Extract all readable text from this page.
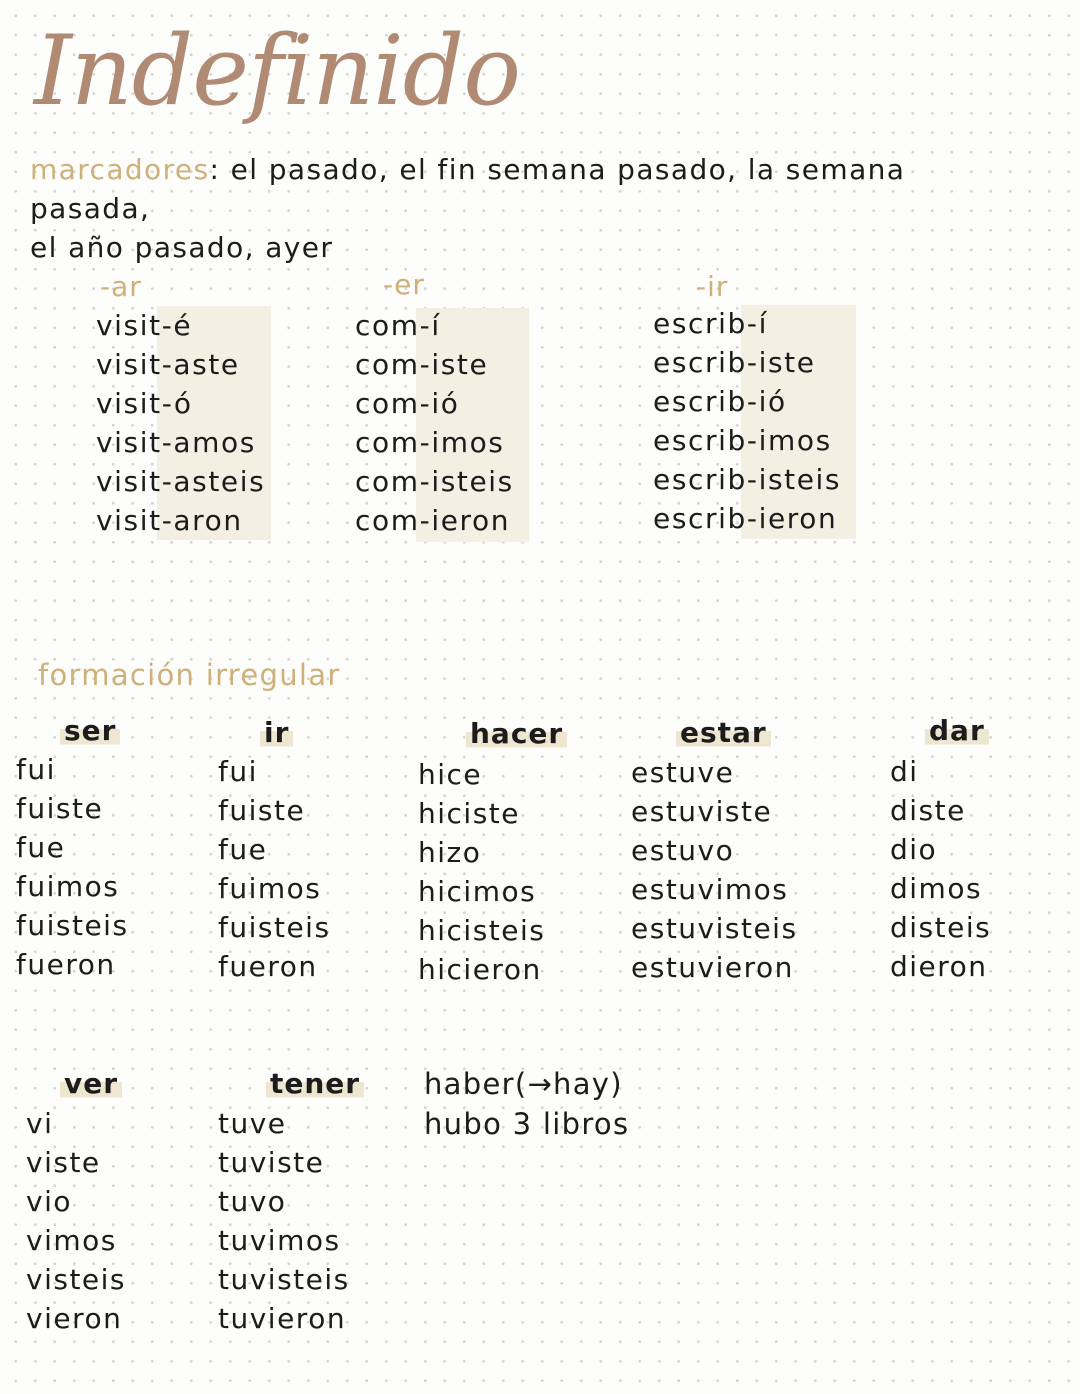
Indefinido
marcadores: el pasado, el fin semana pasado, la semana pasada,
el año pasado, ayer
-ar	-er	-ir
visit-é
visit-aste
visit-ó
visit-amos
visit-asteis
visit-aron
com-í
com-iste
com-ió
com-imos
com-isteis
com-ieron
escrib-í
escrib-iste
escrib-ió
escrib-imos
escrib-isteis
escrib-ieron
formación irregular
ser
fui
fuiste
fue
fuimos
fuisteis
fueron
ir
fui
fuiste
fue
fuimos
fuisteis
fueron
hacer
hice
hiciste
hizo
hicimos
hicisteis
hicieron
estar
estuve
estuviste
estuvo
estuvimos
estuvisteis
estuvieron
dar
di
diste
dio
dimos
disteis
dieron
ver
vi
viste
vio
vimos
visteis
vieron
tener
tuve
tuviste
tuvo
tuvimos
tuvisteis
tuvieron
haber(→hay)
hubo 3 libros
